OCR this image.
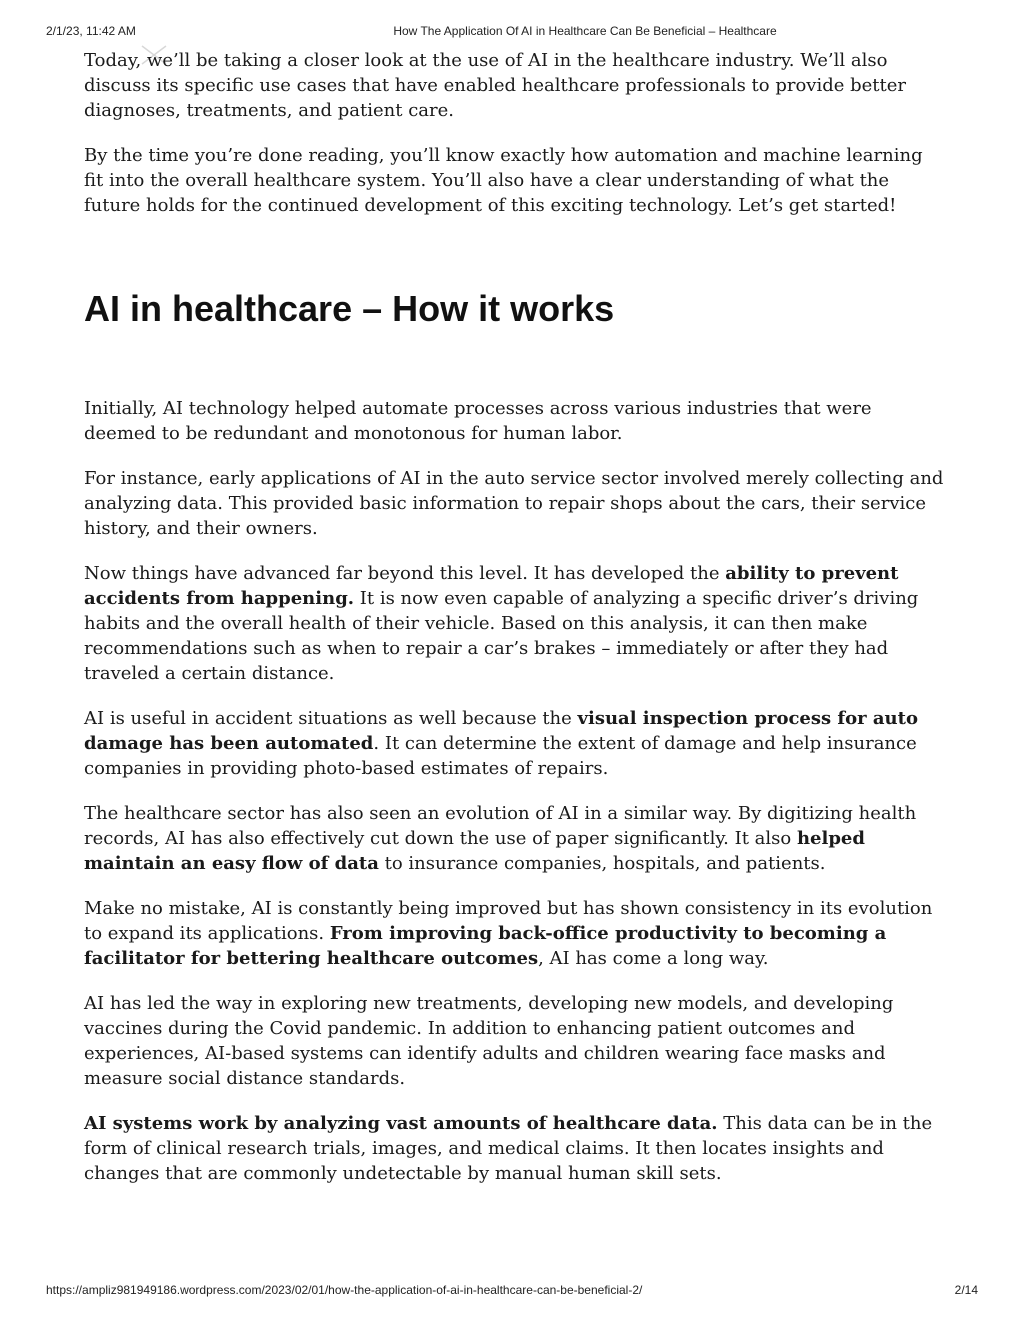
2/1/23, 11:42 AM	How The Application Of AI in Healthcare Can Be Beneficial – Healthcare

Today, we’ll be taking a closer look at the use of AI in the healthcare industry. We’ll also discuss its specific use cases that have enabled healthcare professionals to provide better diagnoses, treatments, and patient care.

By the time you’re done reading, you’ll know exactly how automation and machine learning fit into the overall healthcare system. You’ll also have a clear understanding of what the future holds for the continued development of this exciting technology. Let’s get started!

AI in healthcare – How it works

Initially, AI technology helped automate processes across various industries that were deemed to be redundant and monotonous for human labor.

For instance, early applications of AI in the auto service sector involved merely collecting and analyzing data. This provided basic information to repair shops about the cars, their service history, and their owners.

Now things have advanced far beyond this level. It has developed the ability to prevent accidents from happening. It is now even capable of analyzing a specific driver’s driving habits and the overall health of their vehicle. Based on this analysis, it can then make recommendations such as when to repair a car’s brakes – immediately or after they had traveled a certain distance.

AI is useful in accident situations as well because the visual inspection process for auto damage has been automated. It can determine the extent of damage and help insurance companies in providing photo-based estimates of repairs.

The healthcare sector has also seen an evolution of AI in a similar way. By digitizing health records, AI has also effectively cut down the use of paper significantly. It also helped maintain an easy flow of data to insurance companies, hospitals, and patients.

Make no mistake, AI is constantly being improved but has shown consistency in its evolution to expand its applications. From improving back-office productivity to becoming a facilitator for bettering healthcare outcomes, AI has come a long way.

AI has led the way in exploring new treatments, developing new models, and developing vaccines during the Covid pandemic. In addition to enhancing patient outcomes and experiences, AI-based systems can identify adults and children wearing face masks and measure social distance standards.

AI systems work by analyzing vast amounts of healthcare data. This data can be in the form of clinical research trials, images, and medical claims. It then locates insights and changes that are commonly undetectable by manual human skill sets.

https://ampliz981949186.wordpress.com/2023/02/01/how-the-application-of-ai-in-healthcare-can-be-beneficial-2/	2/14
